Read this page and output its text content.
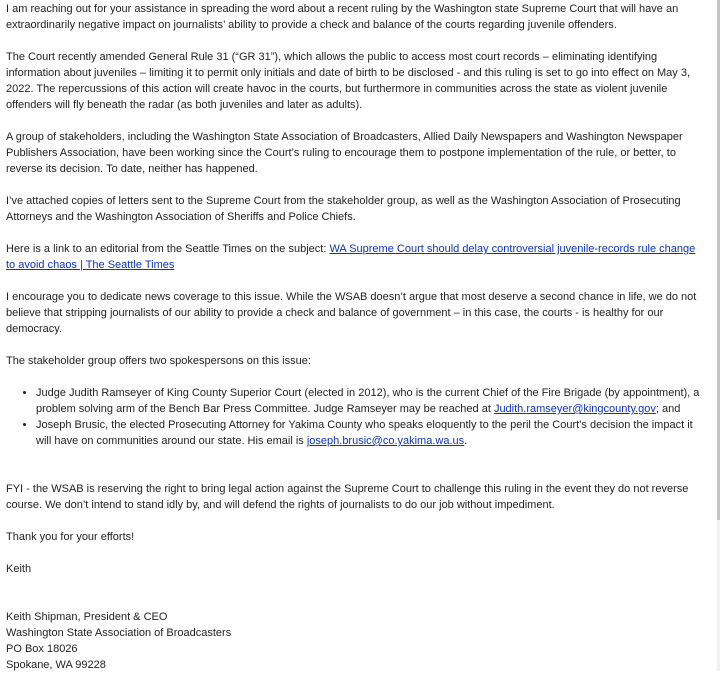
I am reaching out for your assistance in spreading the word about a recent ruling by the Washington state Supreme Court that will have an extraordinarily negative impact on journalists’ ability to provide a check and balance of the courts regarding juvenile offenders.

The Court recently amended General Rule 31 (“GR 31”), which allows the public to access most court records – eliminating identifying information about juveniles – limiting it to permit only initials and date of birth to be disclosed - and this ruling is set to go into effect on May 3, 2022. The repercussions of this action will create havoc in the courts, but furthermore in communities across the state as violent juvenile offenders will fly beneath the radar (as both juveniles and later as adults).

A group of stakeholders, including the Washington State Association of Broadcasters, Allied Daily Newspapers and Washington Newspaper Publishers Association, have been working since the Court’s ruling to encourage them to postpone implementation of the rule, or better, to reverse its decision. To date, neither has happened.

I’ve attached copies of letters sent to the Supreme Court from the stakeholder group, as well as the Washington Association of Prosecuting Attorneys and the Washington Association of Sheriffs and Police Chiefs.

Here is a link to an editorial from the Seattle Times on the subject: WA Supreme Court should delay controversial juvenile-records rule change to avoid chaos | The Seattle Times

I encourage you to dedicate news coverage to this issue. While the WSAB doesn’t argue that most deserve a second chance in life, we do not believe that stripping journalists of our ability to provide a check and balance of government – in this case, the courts - is healthy for our democracy.

The stakeholder group offers two spokespersons on this issue:

• Judge Judith Ramseyer of King County Superior Court (elected in 2012), who is the current Chief of the Fire Brigade (by appointment), a problem solving arm of the Bench Bar Press Committee. Judge Ramseyer may be reached at Judith.ramseyer@kingcounty.gov; and
• Joseph Brusic, the elected Prosecuting Attorney for Yakima County who speaks eloquently to the peril the Court’s decision the impact it will have on communities around our state. His email is joseph.brusic@co.yakima.wa.us.

FYI - the WSAB is reserving the right to bring legal action against the Supreme Court to challenge this ruling in the event they do not reverse course. We don’t intend to stand idly by, and will defend the rights of journalists to do our job without impediment.

Thank you for your efforts!

Keith

Keith Shipman, President & CEO
Washington State Association of Broadcasters
PO Box 18026
Spokane, WA 99228
